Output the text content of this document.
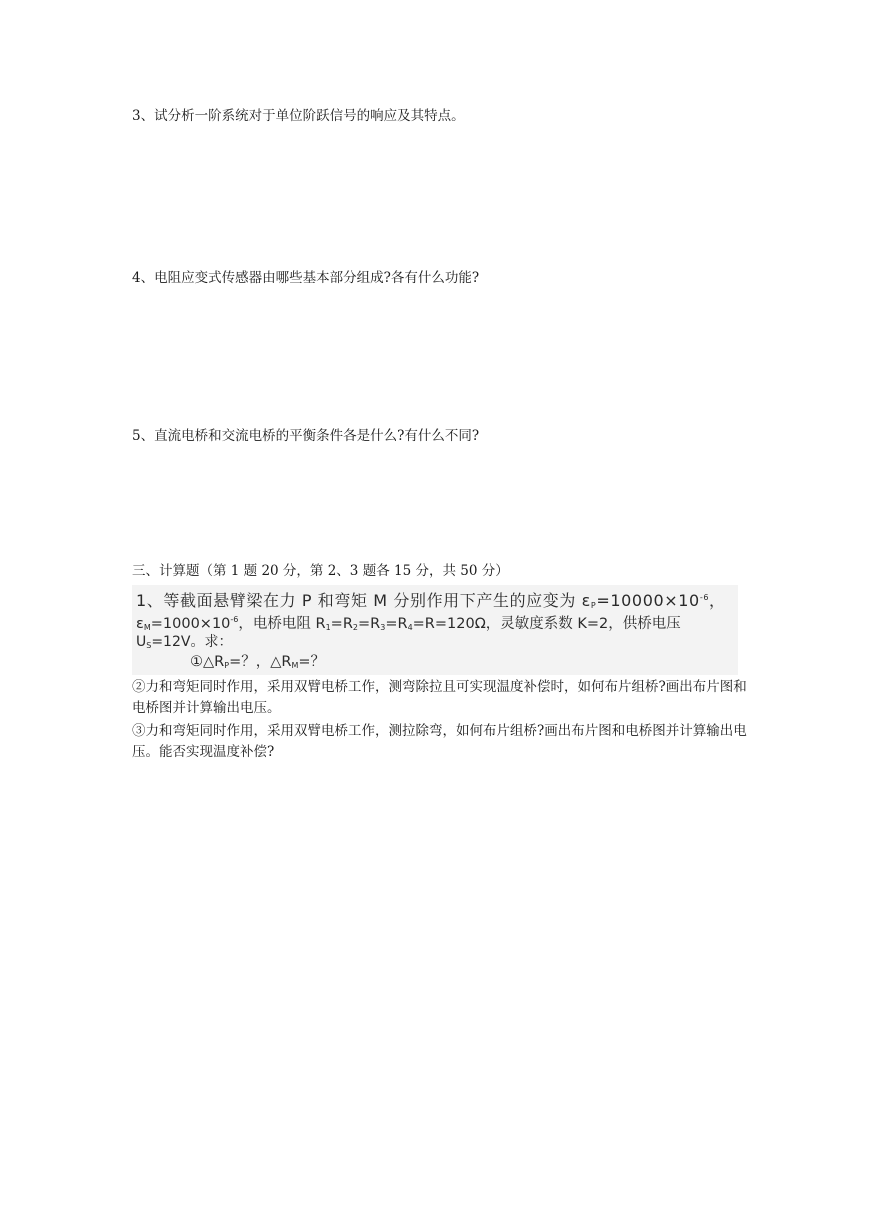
3、试分析一阶系统对于单位阶跃信号的响应及其特点。

4、电阻应变式传感器由哪些基本部分组成?各有什么功能?

5、直流电桥和交流电桥的平衡条件各是什么?有什么不同?

三、计算题（第 1 题 20 分，第 2、3 题各 15 分，共 50 分）

1、等截面悬臂梁在力 P 和弯矩 M 分别作用下产生的应变为 $\varepsilon_P=10000\times 10^{-6}$，
$\varepsilon_M=1000\times 10^{-6}$，电桥电阻 $R_1=R_2=R_3=R_4=R=120\Omega$，灵敏度系数 K=2，供桥电压
$U_S=12V$。求：
$①\triangle R_P=$？，$\triangle R_M=$？

②力和弯矩同时作用，采用双臂电桥工作，测弯除拉且可实现温度补偿时，如何布片组桥?画出布片图和电桥图并计算输出电压。

③力和弯矩同时作用，采用双臂电桥工作，测拉除弯，如何布片组桥?画出布片图和电桥图并计算输出电压。能否实现温度补偿?
